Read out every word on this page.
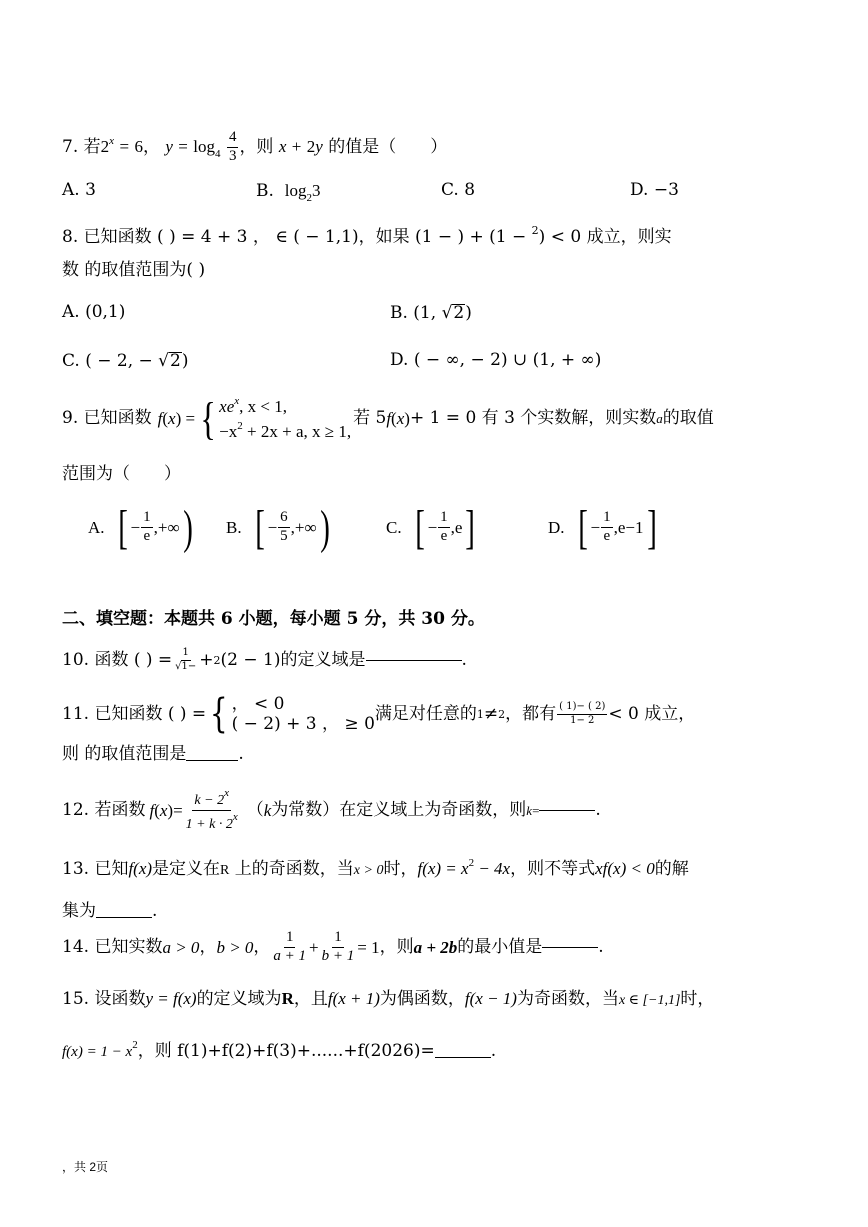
7. 若$2^x = 6$， $y = \log_4 \frac{4}{3}$ ，则 x + 2y 的值是（　　）
A. 3	B. $\log_23$	C. 8	D. −3
8. 已知函数 ( ) = 4 + 3 ， ∈ ( − 1,1)，如果 (1 − ) + (1 − $^2$) < 0 成立，则实
数 的取值范围为( )
A. (0,1)	B. (1, √2)
C. ( − 2, − √2)	D. ( − ∞, − 2) ∪ (1, + ∞)
9. 已知函数 f(x) = { $xe^x$, x < 1,
$-x^2 + 2x + a$, x ≥ 1,
若 5 f(x) + 1 = 0 有 3 个实数解，则实数 a 的取值
范围为（　　）
A. [ − $\frac{1}{e}$ ,+∞ ) B. [ − $\frac{6}{5}$ ,+∞ )	C. [ − $\frac{1}{e} ,e$ ]	D. [ − $\frac{1}{e} ,e-1$ ]
二、填空题：本题共 6 小题，每小题 5 分，共 30 分。
10. 函数 ( ) = $\frac{1}{√1-} + 2$ (2 − 1)的定义域是	.
11. 已知函数 ( ) = { ， < 0
( − 2) + 3 ， ≥ 0
满足对任意的 1 ≠ 2 ，都有 $\frac{( 1)- ( 2)}{1- 2} < 0$ 成立，
则 的取值范围是	.
12. 若函数 $f(x)= \frac{k - 2^x}{1 + k \cdot 2^x}$ （ k 为常数）在定义域上为奇函数，则 k =	.
13. 已知f(x)是定义在R 上的奇函数，当x > 0时，$f(x) = x^2 - 4x$，则不等式xf(x) < 0的解
集为	.
14. 已知实数 a > 0 ， b > 0 ， $\frac{1}{a + 1} + \frac{1}{b + 1} = 1$ ，则 a + 2b 的最小值是	.
15. 设函数y = f(x)的定义域为R，且f(x + 1)为偶函数，f(x − 1)为奇函数，当x ∈ [−1,1]时，
$f(x) = 1 - x^2$，则 f(1)+f(2)+f(3)+......+f(2026)=	.
，共 2页
